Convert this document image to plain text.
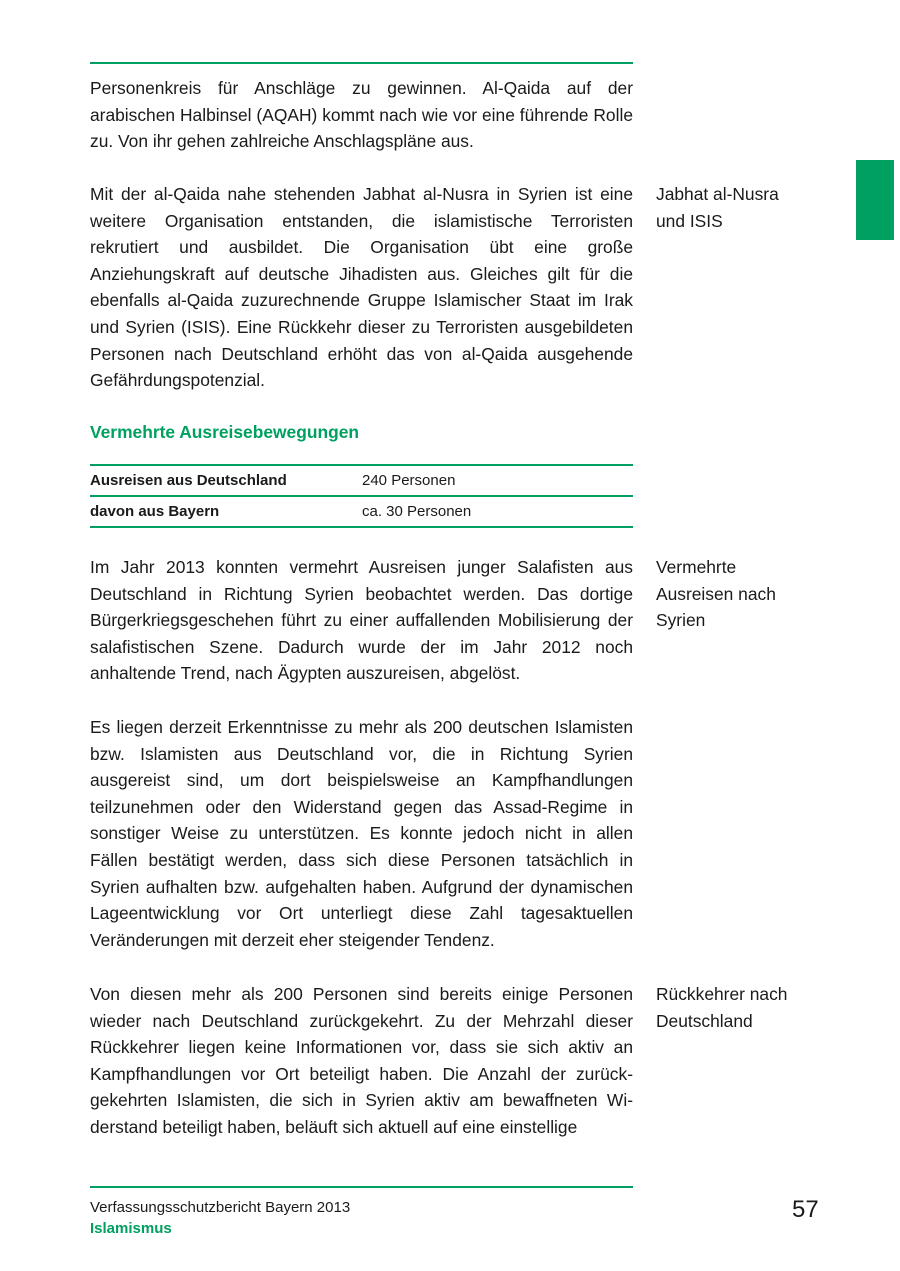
Personenkreis für Anschläge zu gewinnen. Al-Qaida auf der arabischen Halbinsel (AQAH) kommt nach wie vor eine führende Rolle zu. Von ihr gehen zahlreiche Anschlagspläne aus.

Mit der al-Qaida nahe stehenden Jabhat al-Nusra in Syrien ist eine weitere Organisation entstanden, die islamistische Terroristen rekrutiert und ausbildet. Die Organisation übt eine große Anziehungskraft auf deutsche Jihadisten aus. Gleiches gilt für die ebenfalls al-Qaida zuzurechnende Gruppe Islamischer Staat im Irak und Syrien (ISIS). Eine Rückkehr dieser zu Terroristen ausgebildeten Personen nach Deutschland erhöht das von al-Qaida ausgehende Gefährdungspotenzial.

Jabhat al-Nusra
und ISIS

Vermehrte Ausreisebewegungen
Ausreisen aus Deutschland	240 Personen
davon aus Bayern	ca. 30 Personen

Im Jahr 2013 konnten vermehrt Ausreisen junger Salafisten aus Deutschland in Richtung Syrien beobachtet werden. Das dortige Bürgerkriegsgeschehen führt zu einer auffallenden Mobilisierung der salafistischen Szene. Dadurch wurde der im Jahr 2012 noch anhaltende Trend, nach Ägypten auszureisen, abgelöst.

Vermehrte
Ausreisen nach
Syrien

Es liegen derzeit Erkenntnisse zu mehr als 200 deutschen Islamisten bzw. Islamisten aus Deutschland vor, die in Richtung Syrien ausgereist sind, um dort beispielsweise an Kampfhandlungen teilzunehmen oder den Widerstand gegen das Assad-Regime in sonstiger Weise zu unterstützen. Es konnte jedoch nicht in allen Fällen bestätigt werden, dass sich diese Personen tatsächlich in Syrien aufhalten bzw. aufgehalten haben. Aufgrund der dynamischen Lageentwicklung vor Ort unterliegt diese Zahl tagesaktuellen Veränderungen mit derzeit eher steigender Tendenz.

Von diesen mehr als 200 Personen sind bereits einige Personen wieder nach Deutschland zurückgekehrt. Zu der Mehrzahl dieser Rückkehrer liegen keine Informationen vor, dass sie sich aktiv an Kampfhandlungen vor Ort beteiligt haben. Die Anzahl der zurückgekehrten Islamisten, die sich in Syrien aktiv am bewaffneten Widerstand beteiligt haben, beläuft sich aktuell auf eine einstellige

Rückkehrer nach
Deutschland

Verfassungsschutzbericht Bayern 2013

Islamismus

57
